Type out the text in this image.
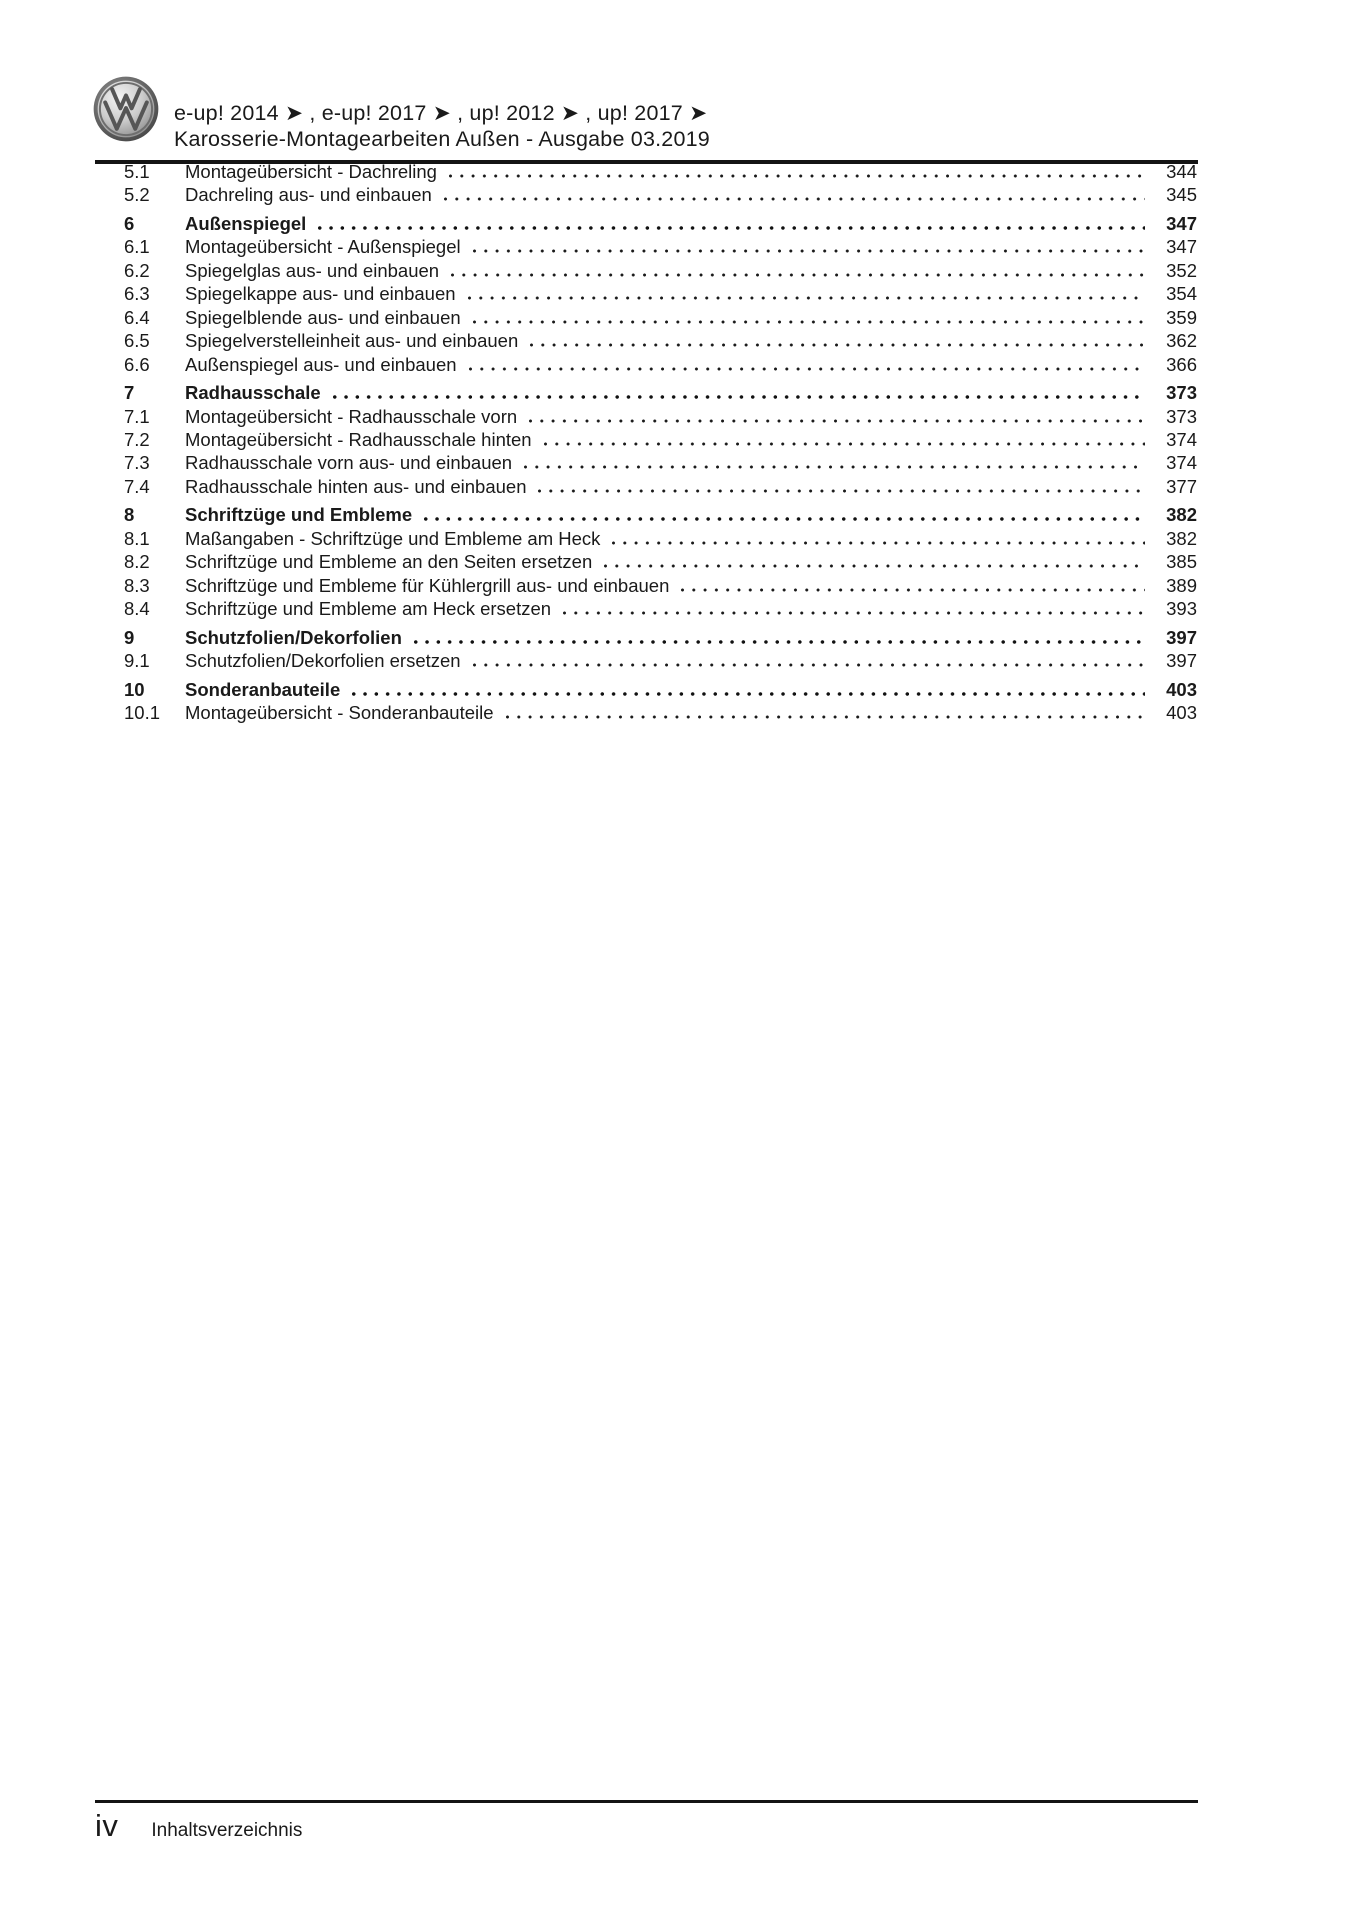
e-up! 2014 ➤ , e-up! 2017 ➤ , up! 2012 ➤ , up! 2017 ➤
Karosserie-Montagearbeiten Außen - Ausgabe 03.2019
5.1	Montageübersicht - Dachreling	344
5.2	Dachreling aus- und einbauen	345
6	Außenspiegel	347
6.1	Montageübersicht - Außenspiegel	347
6.2	Spiegelglas aus- und einbauen	352
6.3	Spiegelkappe aus- und einbauen	354
6.4	Spiegelblende aus- und einbauen	359
6.5	Spiegelverstelleinheit aus- und einbauen	362
6.6	Außenspiegel aus- und einbauen	366
7	Radhausschale	373
7.1	Montageübersicht - Radhausschale vorn	373
7.2	Montageübersicht - Radhausschale hinten	374
7.3	Radhausschale vorn aus- und einbauen	374
7.4	Radhausschale hinten aus- und einbauen	377
8	Schriftzüge und Embleme	382
8.1	Maßangaben - Schriftzüge und Embleme am Heck	382
8.2	Schriftzüge und Embleme an den Seiten ersetzen	385
8.3	Schriftzüge und Embleme für Kühlergrill aus- und einbauen	389
8.4	Schriftzüge und Embleme am Heck ersetzen	393
9	Schutzfolien/Dekorfolien	397
9.1	Schutzfolien/Dekorfolien ersetzen	397
10	Sonderanbauteile	403
10.1	Montageübersicht - Sonderanbauteile	403
iv Inhaltsverzeichnis
